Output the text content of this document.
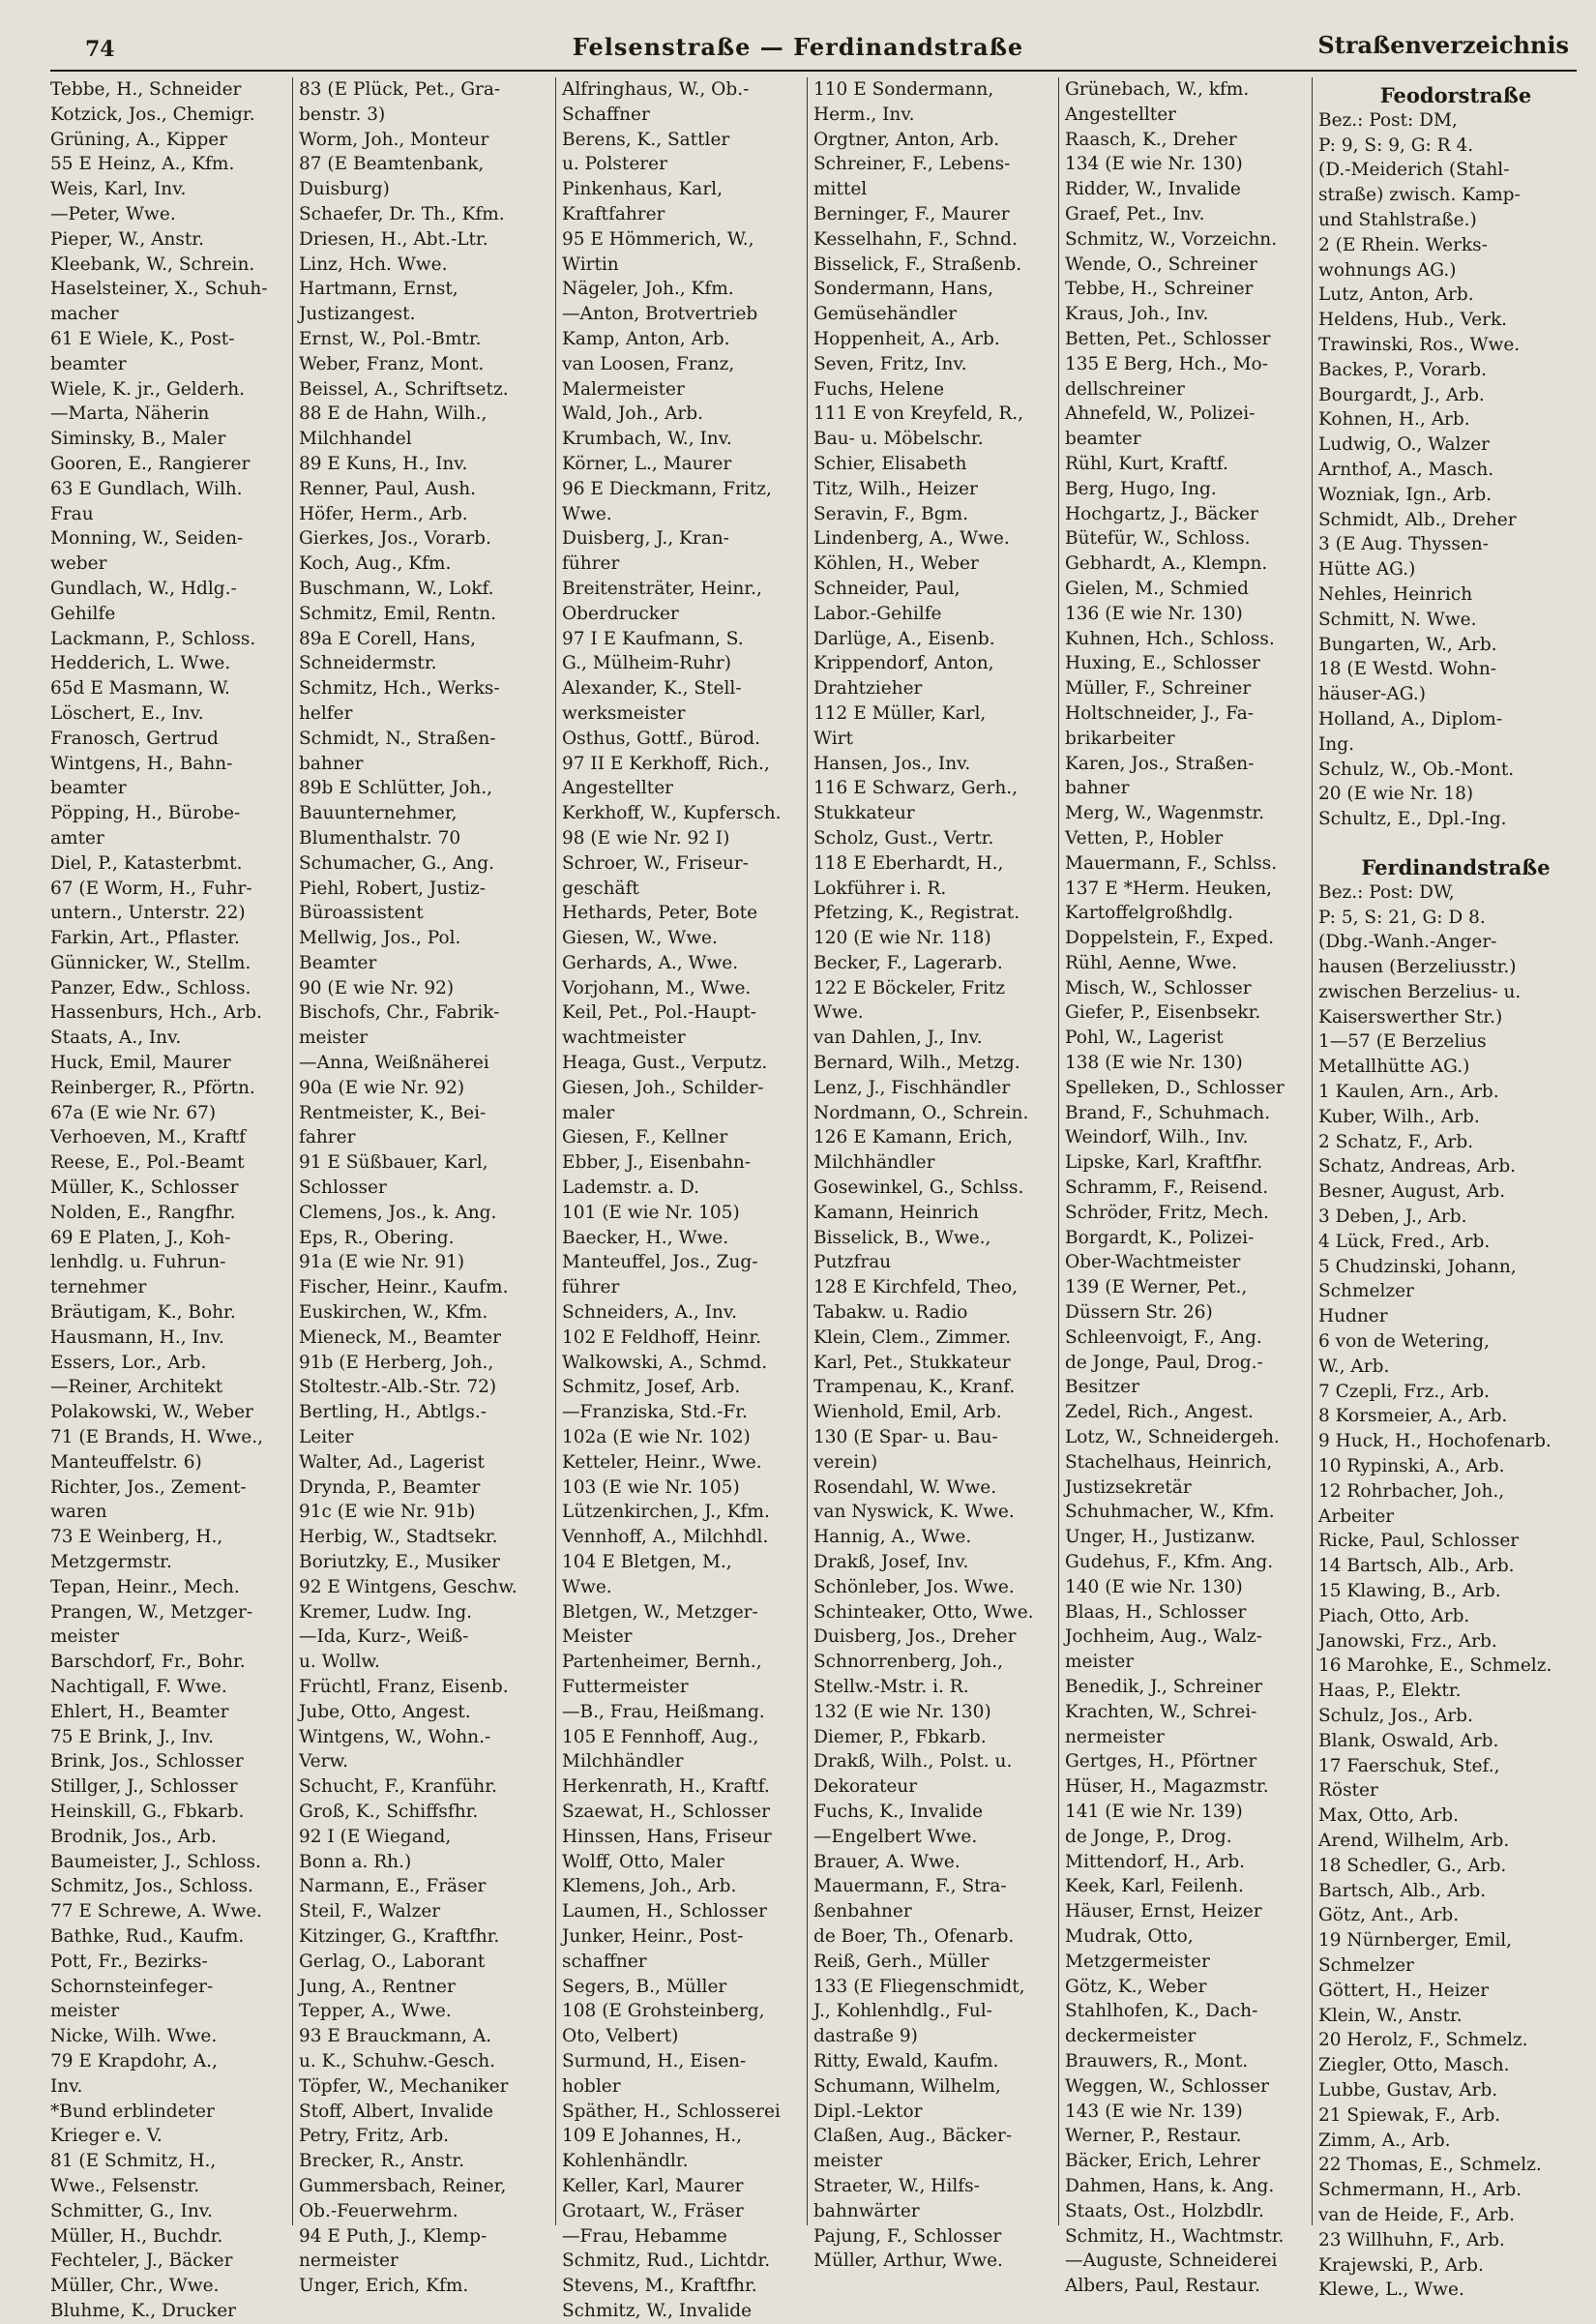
74	Felsenstraße — Ferdinandstraße	Straßenverzeichnis
Tebbe, H., Schneider
Kotzick, Jos., Chemigr.
Grüning, A., Kipper
55 E Heinz, A., Kfm.
Weis, Karl, Inv.
—Peter, Wwe.
Pieper, W., Anstr.
Kleebank, W., Schrein.
Haselsteiner, X., Schuh-
macher
61 E Wiele, K., Post-
beamter
Wiele, K. jr., Gelderh.
—Marta, Näherin
Siminsky, B., Maler
Gooren, E., Rangierer
63 E Gundlach, Wilh.
Frau
Monning, W., Seiden-
weber
Gundlach, W., Hdlg.-
Gehilfe
Lackmann, P., Schloss.
Hedderich, L. Wwe.
65d E Masmann, W.
Löschert, E., Inv.
Franosch, Gertrud
Wintgens, H., Bahn-
beamter
Pöpping, H., Bürobe-
amter
Diel, P., Katasterbmt.
67 (E Worm, H., Fuhr-
untern., Unterstr. 22)
Farkin, Art., Pflaster.
Günnicker, W., Stellm.
Panzer, Edw., Schloss.
Hassenburs, Hch., Arb.
Staats, A., Inv.
Huck, Emil, Maurer
Reinberger, R., Pförtn.
67a (E wie Nr. 67)
Verhoeven, M., Kraftf
Reese, E., Pol.-Beamt
Müller, K., Schlosser
Nolden, E., Rangfhr.
69 E Platen, J., Koh-
lenhdlg. u. Fuhrun-
ternehmer
Bräutigam, K., Bohr.
Hausmann, H., Inv.
Essers, Lor., Arb.
—Reiner, Architekt
Polakowski, W., Weber
71 (E Brands, H. Wwe.,
Manteuffelstr. 6)
Richter, Jos., Zement-
waren
73 E Weinberg, H.,
Metzgermstr.
Tepan, Heinr., Mech.
Prangen, W., Metzger-
meister
Barschdorf, Fr., Bohr.
Nachtigall, F. Wwe.
Ehlert, H., Beamter
75 E Brink, J., Inv.
Brink, Jos., Schlosser
Stillger, J., Schlosser
Heinskill, G., Fbkarb.
Brodnik, Jos., Arb.
Baumeister, J., Schloss.
Schmitz, Jos., Schloss.
77 E Schrewe, A. Wwe.
Bathke, Rud., Kaufm.
Pott, Fr., Bezirks-
Schornsteinfeger-
meister
Nicke, Wilh. Wwe.
79 E Krapdohr, A.,
Inv.
*Bund erblindeter
Krieger e. V.
81 (E Schmitz, H.,
Wwe., Felsenstr.
Schmitter, G., Inv.
Müller, H., Buchdr.
Fechteler, J., Bäcker
Müller, Chr., Wwe.
Bluhme, K., Drucker
83 (E Plück, Pet., Gra-
benstr. 3)
Worm, Joh., Monteur
87 (E Beamtenbank,
Duisburg)
Schaefer, Dr. Th., Kfm.
Driesen, H., Abt.-Ltr.
Linz, Hch. Wwe.
Hartmann, Ernst,
Justizangest.
Ernst, W., Pol.-Bmtr.
Weber, Franz, Mont.
Beissel, A., Schriftsetz.
88 E de Hahn, Wilh.,
Milchhandel
89 E Kuns, H., Inv.
Renner, Paul, Aush.
Höfer, Herm., Arb.
Gierkes, Jos., Vorarb.
Koch, Aug., Kfm.
Buschmann, W., Lokf.
Schmitz, Emil, Rentn.
89a E Corell, Hans,
Schneidermstr.
Schmitz, Hch., Werks-
helfer
Schmidt, N., Straßen-
bahner
89b E Schlütter, Joh.,
Bauunternehmer,
Blumenthalstr. 70
Schumacher, G., Ang.
Piehl, Robert, Justiz-
Büroassistent
Mellwig, Jos., Pol.
Beamter
90 (E wie Nr. 92)
Bischofs, Chr., Fabrik-
meister
—Anna, Weißnäherei
90a (E wie Nr. 92)
Rentmeister, K., Bei-
fahrer
91 E Süßbauer, Karl,
Schlosser
Clemens, Jos., k. Ang.
Eps, R., Obering.
91a (E wie Nr. 91)
Fischer, Heinr., Kaufm.
Euskirchen, W., Kfm.
Mieneck, M., Beamter
91b (E Herberg, Joh.,
Stoltestr.-Alb.-Str. 72)
Bertling, H., Abtlgs.-
Leiter
Walter, Ad., Lagerist
Drynda, P., Beamter
91c (E wie Nr. 91b)
Herbig, W., Stadtsekr.
Boriutzky, E., Musiker
92 E Wintgens, Geschw.
Kremer, Ludw. Ing.
—Ida, Kurz-, Weiß-
u. Wollw.
Früchtl, Franz, Eisenb.
Jube, Otto, Angest.
Wintgens, W., Wohn.-
Verw.
Schucht, F., Kranführ.
Groß, K., Schiffsfhr.
92 I (E Wiegand,
Bonn a. Rh.)
Narmann, E., Fräser
Steil, F., Walzer
Kitzinger, G., Kraftfhr.
Gerlag, O., Laborant
Jung, A., Rentner
Tepper, A., Wwe.
93 E Brauckmann, A.
u. K., Schuhw.-Gesch.
Töpfer, W., Mechaniker
Stoff, Albert, Invalide
Petry, Fritz, Arb.
Brecker, R., Anstr.
Gummersbach, Reiner,
Ob.-Feuerwehrm.
94 E Puth, J., Klemp-
nermeister
Unger, Erich, Kfm.
Alfringhaus, W., Ob.-
Schaffner
Berens, K., Sattler
u. Polsterer
Pinkenhaus, Karl,
Kraftfahrer
95 E Hömmerich, W.,
Wirtin
Nägeler, Joh., Kfm.
—Anton, Brotvertrieb
Kamp, Anton, Arb.
van Loosen, Franz,
Malermeister
Wald, Joh., Arb.
Krumbach, W., Inv.
Körner, L., Maurer
96 E Dieckmann, Fritz,
Wwe.
Duisberg, J., Kran-
führer
Breitensträter, Heinr.,
Oberdrucker
97 I E Kaufmann, S.
G., Mülheim-Ruhr)
Alexander, K., Stell-
werksmeister
Osthus, Gottf., Bürod.
97 II E Kerkhoff, Rich.,
Angestellter
Kerkhoff, W., Kupfersch.
98 (E wie Nr. 92 I)
Schroer, W., Friseur-
geschäft
Hethards, Peter, Bote
Giesen, W., Wwe.
Gerhards, A., Wwe.
Vorjohann, M., Wwe.
Keil, Pet., Pol.-Haupt-
wachtmeister
Heaga, Gust., Verputz.
Giesen, Joh., Schilder-
maler
Giesen, F., Kellner
Ebber, J., Eisenbahn-
Lademstr. a. D.
101 (E wie Nr. 105)
Baecker, H., Wwe.
Manteuffel, Jos., Zug-
führer
Schneiders, A., Inv.
102 E Feldhoff, Heinr.
Walkowski, A., Schmd.
Schmitz, Josef, Arb.
—Franziska, Std.-Fr.
102a (E wie Nr. 102)
Ketteler, Heinr., Wwe.
103 (E wie Nr. 105)
Lützenkirchen, J., Kfm.
Vennhoff, A., Milchhdl.
104 E Bletgen, M.,
Wwe.
Bletgen, W., Metzger-
Meister
Partenheimer, Bernh.,
Futtermeister
—B., Frau, Heißmang.
105 E Fennhoff, Aug.,
Milchhändler
Herkenrath, H., Kraftf.
Szaewat, H., Schlosser
Hinssen, Hans, Friseur
Wolff, Otto, Maler
Klemens, Joh., Arb.
Laumen, H., Schlosser
Junker, Heinr., Post-
schaffner
Segers, B., Müller
108 (E Grohsteinberg,
Oto, Velbert)
Surmund, H., Eisen-
hobler
Späther, H., Schlosserei
109 E Johannes, H.,
Kohlenhändlr.
Keller, Karl, Maurer
Grotaart, W., Fräser
—Frau, Hebamme
Schmitz, Rud., Lichtdr.
Stevens, M., Kraftfhr.
Schmitz, W., Invalide
110 E Sondermann,
Herm., Inv.
Orgtner, Anton, Arb.
Schreiner, F., Lebens-
mittel
Berninger, F., Maurer
Kesselhahn, F., Schnd.
Bisselick, F., Straßenb.
Sondermann, Hans,
Gemüsehändler
Hoppenheit, A., Arb.
Seven, Fritz, Inv.
Fuchs, Helene
111 E von Kreyfeld, R.,
Bau- u. Möbelschr.
Schier, Elisabeth
Titz, Wilh., Heizer
Seravin, F., Bgm.
Lindenberg, A., Wwe.
Köhlen, H., Weber
Schneider, Paul,
Labor.-Gehilfe
Darlüge, A., Eisenb.
Krippendorf, Anton,
Drahtzieher
112 E Müller, Karl,
Wirt
Hansen, Jos., Inv.
116 E Schwarz, Gerh.,
Stukkateur
Scholz, Gust., Vertr.
118 E Eberhardt, H.,
Lokführer i. R.
Pfetzing, K., Registrat.
120 (E wie Nr. 118)
Becker, F., Lagerarb.
122 E Böckeler, Fritz
Wwe.
van Dahlen, J., Inv.
Bernard, Wilh., Metzg.
Lenz, J., Fischhändler
Nordmann, O., Schrein.
126 E Kamann, Erich,
Milchhändler
Gosewinkel, G., Schlss.
Kamann, Heinrich
Bisselick, B., Wwe.,
Putzfrau
128 E Kirchfeld, Theo,
Tabakw. u. Radio
Klein, Clem., Zimmer.
Karl, Pet., Stukkateur
Trampenau, K., Kranf.
Wienhold, Emil, Arb.
130 (E Spar- u. Bau-
verein)
Rosendahl, W. Wwe.
van Nyswick, K. Wwe.
Hannig, A., Wwe.
Drakß, Josef, Inv.
Schönleber, Jos. Wwe.
Schinteaker, Otto, Wwe.
Duisberg, Jos., Dreher
Schnorrenberg, Joh.,
Stellw.-Mstr. i. R.
132 (E wie Nr. 130)
Diemer, P., Fbkarb.
Drakß, Wilh., Polst. u.
Dekorateur
Fuchs, K., Invalide
—Engelbert Wwe.
Brauer, A. Wwe.
Mauermann, F., Stra-
ßenbahner
de Boer, Th., Ofenarb.
Reiß, Gerh., Müller
133 (E Fliegenschmidt,
J., Kohlenhdlg., Ful-
dastraße 9)
Ritty, Ewald, Kaufm.
Schumann, Wilhelm,
Dipl.-Lektor
Claßen, Aug., Bäcker-
meister
Straeter, W., Hilfs-
bahnwärter
Pajung, F., Schlosser
Müller, Arthur, Wwe.
Grünebach, W., kfm.
Angestellter
Raasch, K., Dreher
134 (E wie Nr. 130)
Ridder, W., Invalide
Graef, Pet., Inv.
Schmitz, W., Vorzeichn.
Wende, O., Schreiner
Tebbe, H., Schreiner
Kraus, Joh., Inv.
Betten, Pet., Schlosser
135 E Berg, Hch., Mo-
dellschreiner
Ahnefeld, W., Polizei-
beamter
Rühl, Kurt, Kraftf.
Berg, Hugo, Ing.
Hochgartz, J., Bäcker
Bütefür, W., Schloss.
Gebhardt, A., Klempn.
Gielen, M., Schmied
136 (E wie Nr. 130)
Kuhnen, Hch., Schloss.
Huxing, E., Schlosser
Müller, F., Schreiner
Holtschneider, J., Fa-
brikarbeiter
Karen, Jos., Straßen-
bahner
Merg, W., Wagenmstr.
Vetten, P., Hobler
Mauermann, F., Schlss.
137 E *Herm. Heuken,
Kartoffelgroßhdlg.
Doppelstein, F., Exped.
Rühl, Aenne, Wwe.
Misch, W., Schlosser
Giefer, P., Eisenbsekr.
Pohl, W., Lagerist
138 (E wie Nr. 130)
Spelleken, D., Schlosser
Brand, F., Schuhmach.
Weindorf, Wilh., Inv.
Lipske, Karl, Kraftfhr.
Schramm, F., Reisend.
Schröder, Fritz, Mech.
Borgardt, K., Polizei-
Ober-Wachtmeister
139 (E Werner, Pet.,
Düssern Str. 26)
Schleenvoigt, F., Ang.
de Jonge, Paul, Drog.-
Besitzer
Zedel, Rich., Angest.
Lotz, W., Schneidergeh.
Stachelhaus, Heinrich,
Justizsekretär
Schuhmacher, W., Kfm.
Unger, H., Justizanw.
Gudehus, F., Kfm. Ang.
140 (E wie Nr. 130)
Blaas, H., Schlosser
Jochheim, Aug., Walz-
meister
Benedik, J., Schreiner
Krachten, W., Schrei-
nermeister
Gertges, H., Pförtner
Hüser, H., Magazmstr.
141 (E wie Nr. 139)
de Jonge, P., Drog.
Mittendorf, H., Arb.
Keek, Karl, Feilenh.
Häuser, Ernst, Heizer
Mudrak, Otto,
Metzgermeister
Götz, K., Weber
Stahlhofen, K., Dach-
deckermeister
Brauwers, R., Mont.
Weggen, W., Schlosser
143 (E wie Nr. 139)
Werner, P., Restaur.
Bäcker, Erich, Lehrer
Dahmen, Hans, k. Ang.
Staats, Ost., Holzbdlr.
Schmitz, H., Wachtmstr.
—Auguste, Schneiderei
Albers, Paul, Restaur.
Feodorstraße
Bez.: Post: DM,
P: 9, S: 9, G: R 4.
(D.-Meiderich (Stahl-
straße) zwisch. Kamp-
und Stahlstraße.)
2 (E Rhein. Werks-
wohnungs AG.)
Lutz, Anton, Arb.
Heldens, Hub., Verk.
Trawinski, Ros., Wwe.
Backes, P., Vorarb.
Bourgardt, J., Arb.
Kohnen, H., Arb.
Ludwig, O., Walzer
Arnthof, A., Masch.
Wozniak, Ign., Arb.
Schmidt, Alb., Dreher
3 (E Aug. Thyssen-
Hütte AG.)
Nehles, Heinrich
Schmitt, N. Wwe.
Bungarten, W., Arb.
18 (E Westd. Wohn-
häuser-AG.)
Holland, A., Diplom-
Ing.
Schulz, W., Ob.-Mont.
20 (E wie Nr. 18)
Schultz, E., Dpl.-Ing.
Ferdinandstraße
Bez.: Post: DW,
P: 5, S: 21, G: D 8.
(Dbg.-Wanh.-Anger-
hausen (Berzeliusstr.)
zwischen Berzelius- u.
Kaiserswerther Str.)
1—57 (E Berzelius
Metallhütte AG.)
1 Kaulen, Arn., Arb.
Kuber, Wilh., Arb.
2 Schatz, F., Arb.
Schatz, Andreas, Arb.
Besner, August, Arb.
3 Deben, J., Arb.
4 Lück, Fred., Arb.
5 Chudzinski, Johann,
Schmelzer
Hudner
6 von de Wetering,
W., Arb.
7 Czepli, Frz., Arb.
8 Korsmeier, A., Arb.
9 Huck, H., Hochofenarb.
10 Rypinski, A., Arb.
12 Rohrbacher, Joh.,
Arbeiter
Ricke, Paul, Schlosser
14 Bartsch, Alb., Arb.
15 Klawing, B., Arb.
Piach, Otto, Arb.
Janowski, Frz., Arb.
16 Marohke, E., Schmelz.
Haas, P., Elektr.
Schulz, Jos., Arb.
Blank, Oswald, Arb.
17 Faerschuk, Stef.,
Röster
Max, Otto, Arb.
Arend, Wilhelm, Arb.
18 Schedler, G., Arb.
Bartsch, Alb., Arb.
Götz, Ant., Arb.
19 Nürnberger, Emil,
Schmelzer
Göttert, H., Heizer
Klein, W., Anstr.
20 Herolz, F., Schmelz.
Ziegler, Otto, Masch.
Lubbe, Gustav, Arb.
21 Spiewak, F., Arb.
Zimm, A., Arb.
22 Thomas, E., Schmelz.
Schmermann, H., Arb.
van de Heide, F., Arb.
23 Willhuhn, F., Arb.
Krajewski, P., Arb.
Klewe, L., Wwe.
